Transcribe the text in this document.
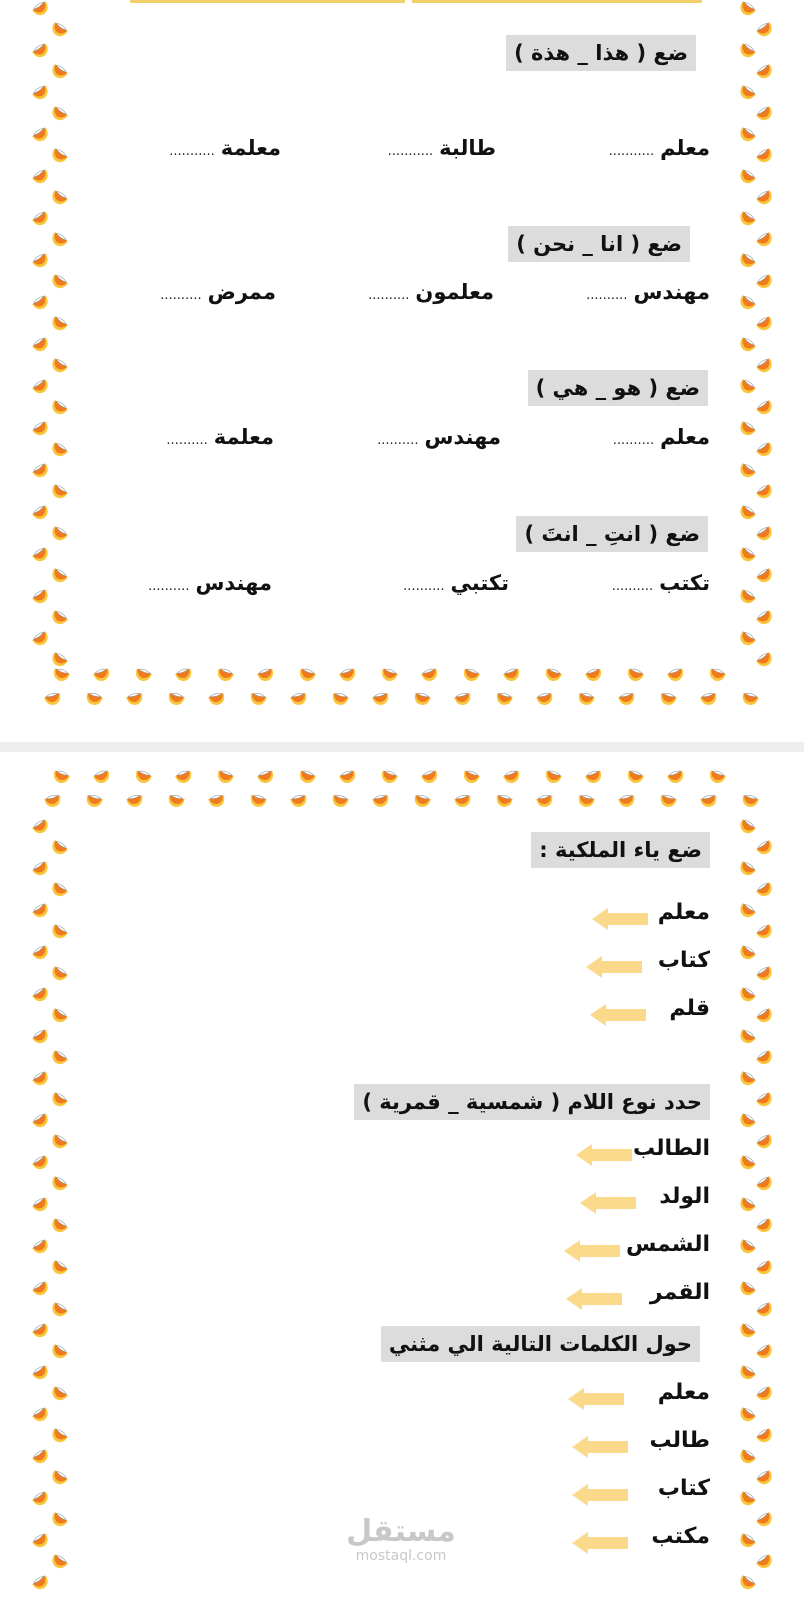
ضع ( هذا _ هذة )
معلم...........
طالبة...........
معلمة...........
ضع ( انا _ نحن )
مهندس..........
معلمون..........
ممرض..........
ضع ( هو _ هي )
معلم..........
مهندس..........
معلمة..........
ضع ( انتِ _ انتَ )
تكتب..........
تكتبي..........
مهندس..........
ضع ياء الملكية :
معلم
كتاب
قلم
حدد نوع اللام ( شمسية _ قمرية )
الطالب
الولد
الشمس
القمر
حول الكلمات التالية الي مثني
معلم
طالب
كتاب
مكتب
مستقل
mostaql.com
